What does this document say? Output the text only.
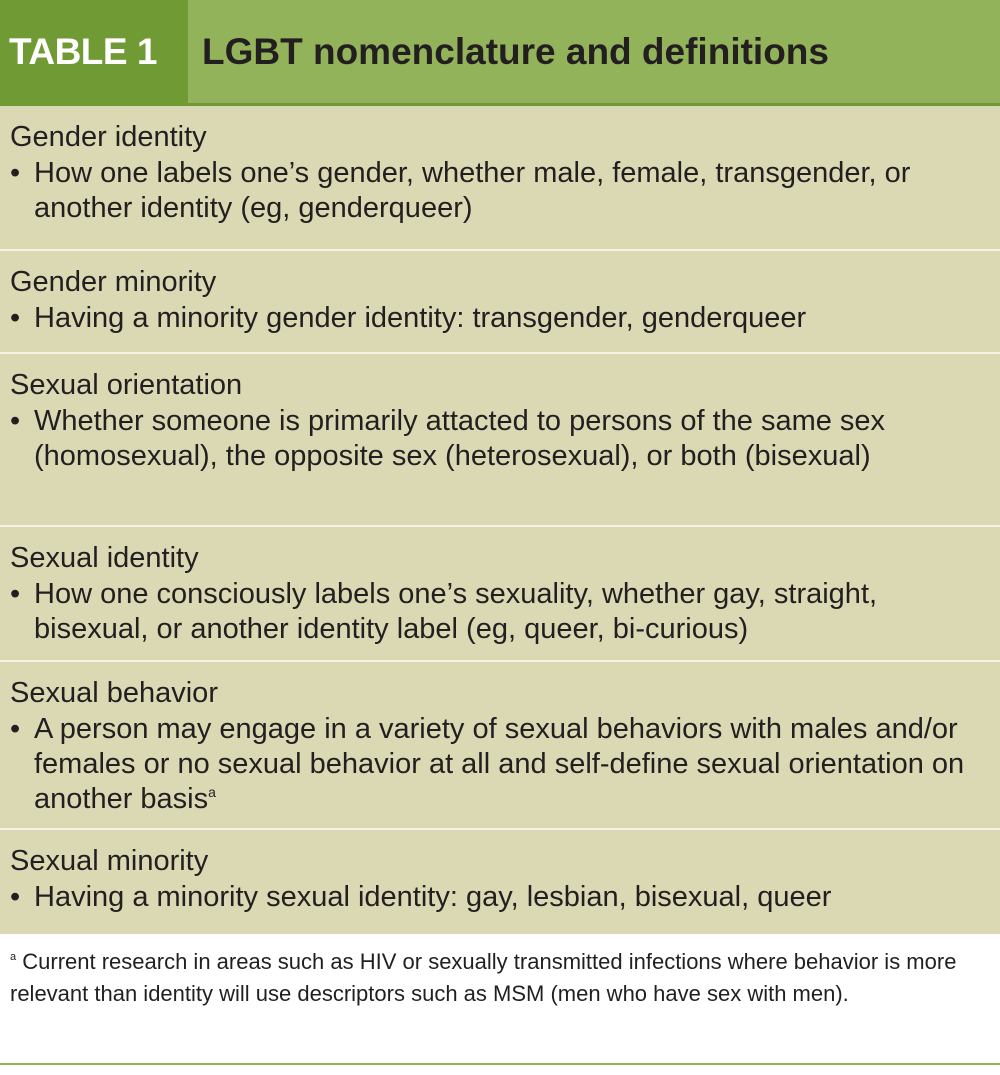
TABLE 1	LGBT nomenclature and definitions
Gender identity
• How one labels one’s gender, whether male, female, transgender, or another identity (eg, genderqueer)
Gender minority
• Having a minority gender identity: transgender, genderqueer
Sexual orientation
• Whether someone is primarily attacted to persons of the same sex (homosexual), the opposite sex (heterosexual), or both (bisexual)
Sexual identity
• How one consciously labels one’s sexuality, whether gay, straight, bisexual, or another identity label (eg, queer, bi-curious)
Sexual behavior
• A person may engage in a variety of sexual behaviors with males and/or females or no sexual behavior at all and self-define sexual orientation on another basis$^a$
Sexual minority
• Having a minority sexual identity: gay, lesbian, bisexual, queer
$^a$ Current research in areas such as HIV or sexually transmitted infections where behavior is more relevant than identity will use descriptors such as MSM (men who have sex with men).
